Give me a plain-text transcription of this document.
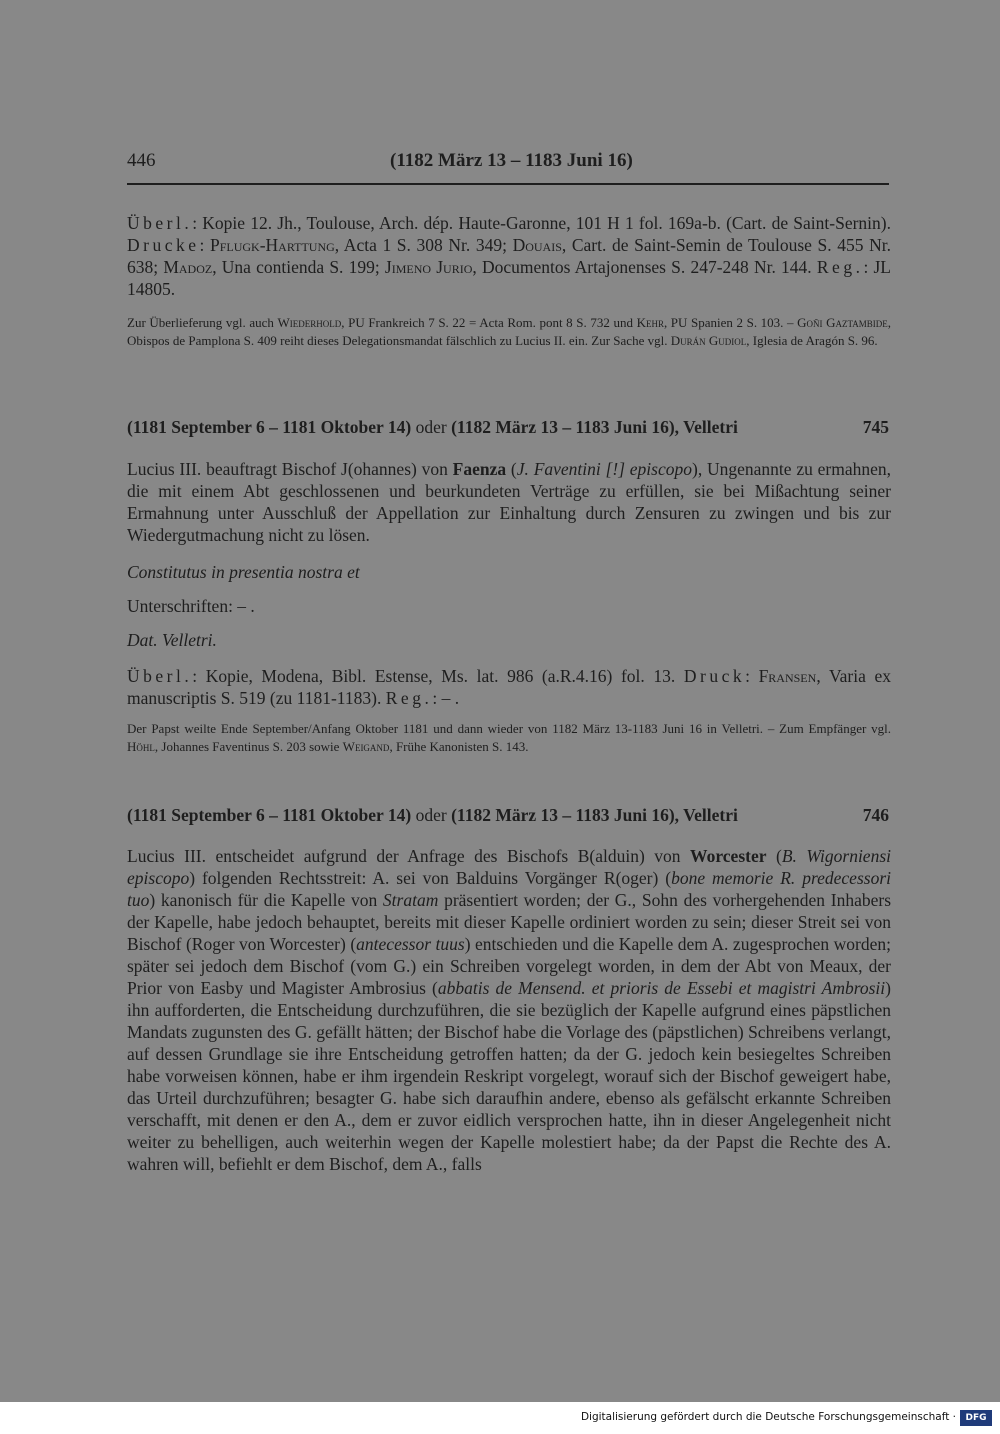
446	(1182 März 13 – 1183 Juni 16)
Überl.: Kopie 12. Jh., Toulouse, Arch. dép. Haute-Garonne, 101 H 1 fol. 169a-b. (Cart. de Saint-Sernin). Drucke: Pflugk-Harttung, Acta 1 S. 308 Nr. 349; Douais, Cart. de Saint-Semin de Toulouse S. 455 Nr. 638; Madoz, Una contienda S. 199; Jimeno Jurio, Documentos Artajonenses S. 247-248 Nr. 144. Reg.: JL 14805.
Zur Überlieferung vgl. auch Wiederhold, PU Frankreich 7 S. 22 = Acta Rom. pont 8 S. 732 und Kehr, PU Spanien 2 S. 103. – Goñi Gaztambide, Obispos de Pamplona S. 409 reiht dieses Delegationsmandat fälschlich zu Lucius II. ein. Zur Sache vgl. Durán Gudiol, Iglesia de Aragón S. 96.
(1181 September 6 – 1181 Oktober 14) oder (1182 März 13 – 1183 Juni 16), Velletri	745
Lucius III. beauftragt Bischof J(ohannes) von Faenza (J. Faventini [!] episcopo), Ungenannte zu ermahnen, die mit einem Abt geschlossenen und beurkundeten Verträge zu erfüllen, sie bei Mißachtung seiner Ermahnung unter Ausschluß der Appellation zur Einhaltung durch Zensuren zu zwingen und bis zur Wiedergutmachung nicht zu lösen.
Constitutus in presentia nostra et
Unterschriften: – .
Dat. Velletri.
Überl.: Kopie, Modena, Bibl. Estense, Ms. lat. 986 (a.R.4.16) fol. 13. Druck: Fransen, Varia ex manuscriptis S. 519 (zu 1181-1183). Reg.: – .
Der Papst weilte Ende September/Anfang Oktober 1181 und dann wieder von 1182 März 13-1183 Juni 16 in Velletri. – Zum Empfänger vgl. Höhl, Johannes Faventinus S. 203 sowie Weigand, Frühe Kanonisten S. 143.
(1181 September 6 – 1181 Oktober 14) oder (1182 März 13 – 1183 Juni 16), Velletri	746
Lucius III. entscheidet aufgrund der Anfrage des Bischofs B(alduin) von Worcester (B. Wigorniensi episcopo) folgenden Rechtsstreit: A. sei von Balduins Vorgänger R(oger) (bone memorie R. predecessori tuo) kanonisch für die Kapelle von Stratam präsentiert worden; der G., Sohn des vorhergehenden Inhabers der Kapelle, habe jedoch behauptet, bereits mit dieser Kapelle ordiniert worden zu sein; dieser Streit sei von Bischof (Roger von Worcester) (antecessor tuus) entschieden und die Kapelle dem A. zugesprochen worden; später sei jedoch dem Bischof (vom G.) ein Schreiben vorgelegt worden, in dem der Abt von Meaux, der Prior von Easby und Magister Ambrosius (abbatis de Mensend. et prioris de Essebi et magistri Ambrosii) ihn aufforderten, die Entscheidung durchzuführen, die sie bezüglich der Kapelle aufgrund eines päpstlichen Mandats zugunsten des G. gefällt hätten; der Bischof habe die Vorlage des (päpstlichen) Schreibens verlangt, auf dessen Grundlage sie ihre Entscheidung getroffen hatten; da der G. jedoch kein besiegeltes Schreiben habe vorweisen können, habe er ihm irgendein Reskript vorgelegt, worauf sich der Bischof geweigert habe, das Urteil durchzuführen; besagter G. habe sich daraufhin andere, ebenso als gefälscht erkannte Schreiben verschafft, mit denen er den A., dem er zuvor eidlich versprochen hatte, ihn in dieser Angelegenheit nicht weiter zu behelligen, auch weiterhin wegen der Kapelle molestiert habe; da der Papst die Rechte des A. wahren will, befiehlt er dem Bischof, dem A., falls
Digitalisierung gefördert durch die Deutsche Forschungsgemeinschaft ·	DFG
